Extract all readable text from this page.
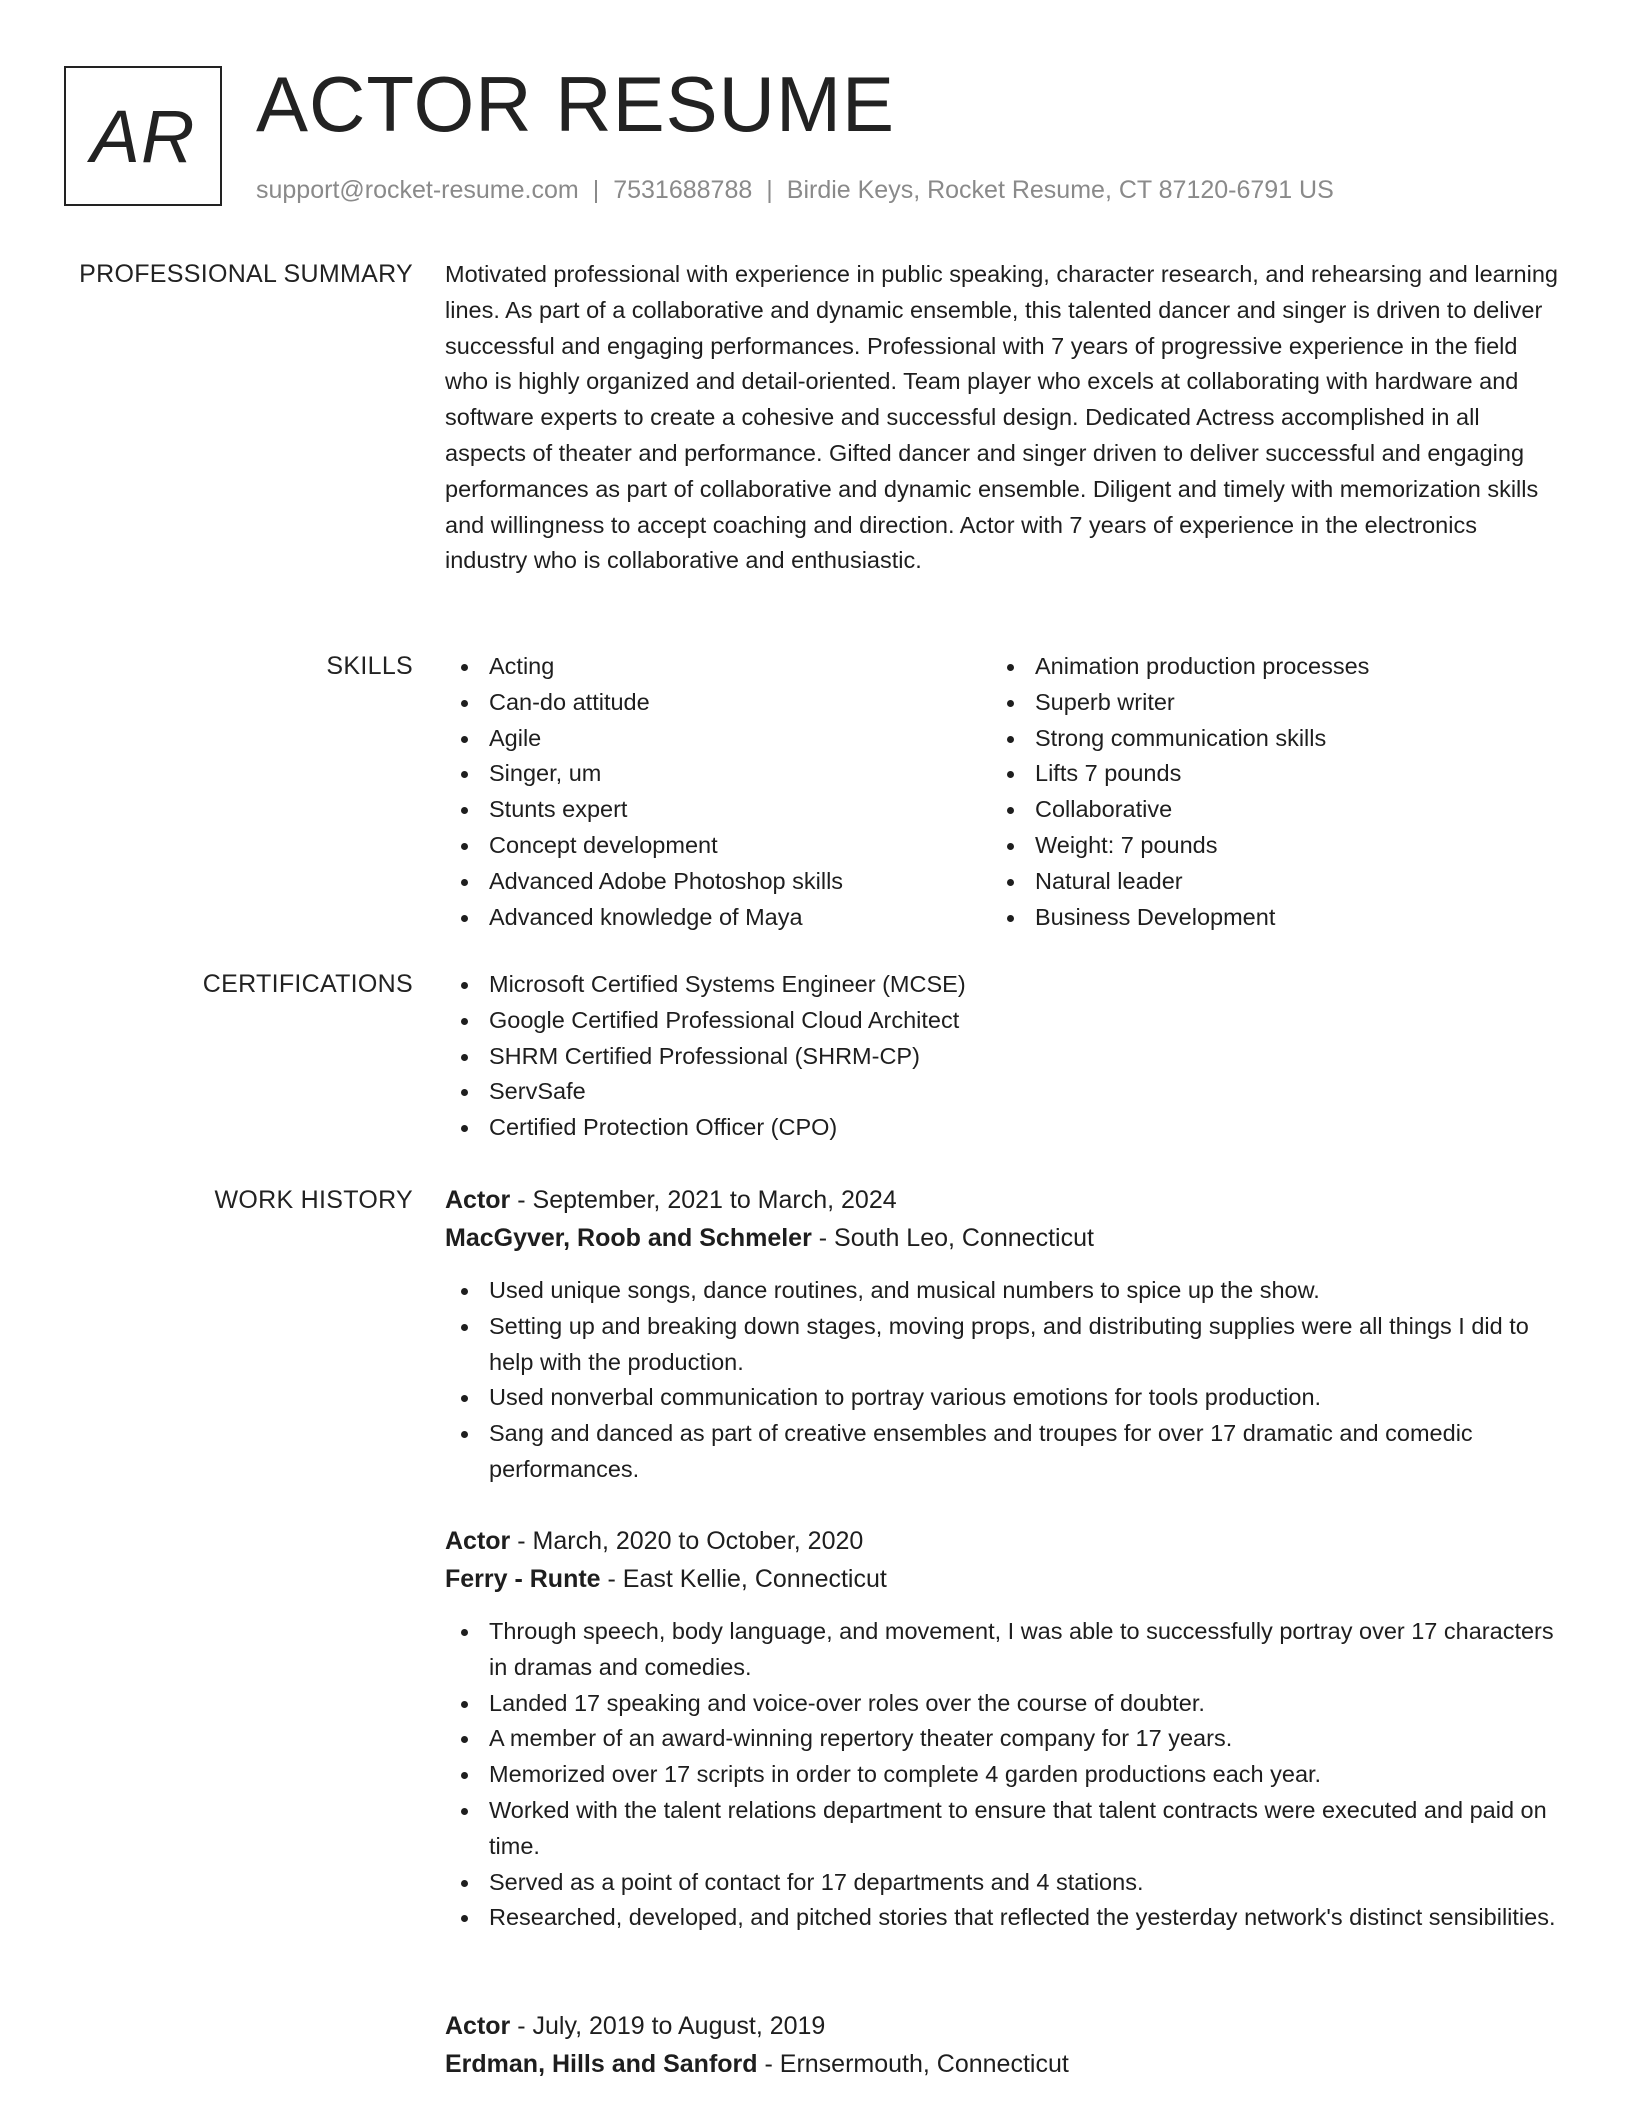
AR ACTOR RESUME
support@rocket-resume.com | 7531688788 | Birdie Keys, Rocket Resume, CT 87120-6791 US
PROFESSIONAL SUMMARY Motivated professional with experience in public speaking, character research, and rehearsing and learning lines. As part of a collaborative and dynamic ensemble, this talented dancer and singer is driven to deliver successful and engaging performances. Professional with 7 years of progressive experience in the field who is highly organized and detail-oriented. Team player who excels at collaborating with hardware and software experts to create a cohesive and successful design. Dedicated Actress accomplished in all aspects of theater and performance. Gifted dancer and singer driven to deliver successful and engaging performances as part of collaborative and dynamic ensemble. Diligent and timely with memorization skills and willingness to accept coaching and direction. Actor with 7 years of experience in the electronics industry who is collaborative and enthusiastic.

SKILLS	Acting
Can-do attitude
Agile
Singer, um
Stunts expert
Concept development
Advanced Adobe Photoshop skills
Advanced knowledge of Maya
Animation production processes
Superb writer
Strong communication skills
Lifts 7 pounds
Collaborative
Weight: 7 pounds
Natural leader
Business Development
CERTIFICATIONS	Microsoft Certified Systems Engineer (MCSE)
Google Certified Professional Cloud Architect
SHRM Certified Professional (SHRM-CP)
ServSafe
Certified Protection Officer (CPO)
WORK HISTORY Actor - September, 2021 to March, 2024
MacGyver, Roob and Schmeler - South Leo, Connecticut
Used unique songs, dance routines, and musical numbers to spice up the show.
Setting up and breaking down stages, moving props, and distributing supplies were all things I did to help with the production.
Used nonverbal communication to portray various emotions for tools production.
Sang and danced as part of creative ensembles and troupes for over 17 dramatic and comedic performances.
Actor - March, 2020 to October, 2020
Ferry - Runte - East Kellie, Connecticut
Through speech, body language, and movement, I was able to successfully portray over 17 characters in dramas and comedies.
Landed 17 speaking and voice-over roles over the course of doubter.
A member of an award-winning repertory theater company for 17 years.
Memorized over 17 scripts in order to complete 4 garden productions each year.
Worked with the talent relations department to ensure that talent contracts were executed and paid on time.
Served as a point of contact for 17 departments and 4 stations.
Researched, developed, and pitched stories that reflected the yesterday network's distinct sensibilities.
Actor - July, 2019 to August, 2019
Erdman, Hills and Sanford - Ernsermouth, Connecticut
